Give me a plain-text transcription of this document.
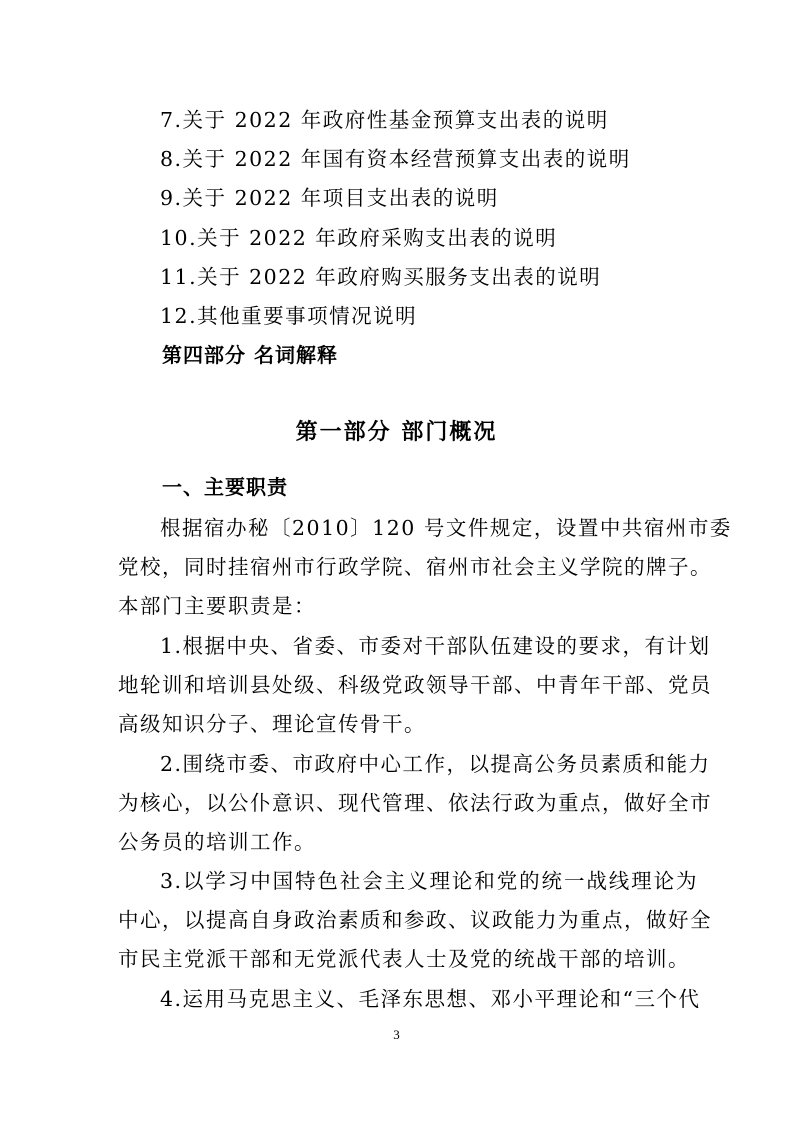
7.关于 2022 年政府性基金预算支出表的说明
8.关于 2022 年国有资本经营预算支出表的说明
9.关于 2022 年项目支出表的说明
10.关于 2022 年政府采购支出表的说明
11.关于 2022 年政府购买服务支出表的说明
12.其他重要事项情况说明
第四部分 名词解释
第一部分 部门概况
一、主要职责
根据宿办秘〔2010〕120 号文件规定，设置中共宿州市委
党校，同时挂宿州市行政学院、宿州市社会主义学院的牌子。
本部门主要职责是：
1.根据中央、省委、市委对干部队伍建设的要求，有计划
地轮训和培训县处级、科级党政领导干部、中青年干部、党员
高级知识分子、理论宣传骨干。
2.围绕市委、市政府中心工作，以提高公务员素质和能力
为核心，以公仆意识、现代管理、依法行政为重点，做好全市
公务员的培训工作。
3.以学习中国特色社会主义理论和党的统一战线理论为
中心，以提高自身政治素质和参政、议政能力为重点，做好全
市民主党派干部和无党派代表人士及党的统战干部的培训。
4.运用马克思主义、毛泽东思想、邓小平理论和“三个代
3
